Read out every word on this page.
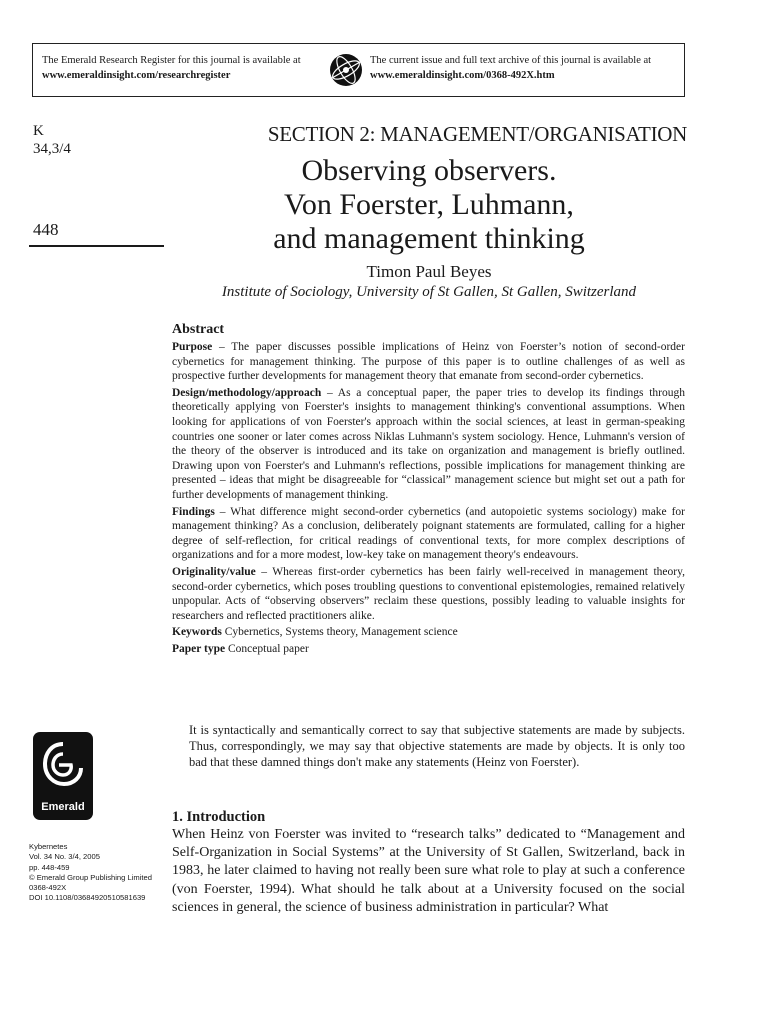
The Emerald Research Register for this journal is available at
www.emeraldinsight.com/researchregister
The current issue and full text archive of this journal is available at
www.emeraldinsight.com/0368-492X.htm
K
34,3/4
448
SECTION 2: MANAGEMENT/ORGANISATION
Observing observers.
Von Foerster, Luhmann,
and management thinking
Timon Paul Beyes
Institute of Sociology, University of St Gallen, St Gallen, Switzerland
Abstract

Purpose – The paper discusses possible implications of Heinz von Foerster’s notion of second-order cybernetics for management thinking. The purpose of this paper is to outline challenges of as well as prospective further developments for management theory that emanate from second-order cybernetics.

Design/methodology/approach – As a conceptual paper, the paper tries to develop its findings through theoretically applying von Foerster's insights to management thinking's conventional assumptions. When looking for applications of von Foerster's approach within the social sciences, at least in german-speaking countries one sooner or later comes across Niklas Luhmann's system sociology. Hence, Luhmann's version of the theory of the observer is introduced and its take on organization and management is briefly outlined. Drawing upon von Foerster's and Luhmann's reflections, possible implications for management thinking are presented – ideas that might be disagreeable for “classical” management science but might set out a path for further developments of management thinking.

Findings – What difference might second-order cybernetics (and autopoietic systems sociology) make for management thinking? As a conclusion, deliberately poignant statements are formulated, calling for a higher degree of self-reflection, for critical readings of conventional texts, for more complex descriptions of organizations and for a more modest, low-key take on management theory's endeavours.

Originality/value – Whereas first-order cybernetics has been fairly well-received in management theory, second-order cybernetics, which poses troubling questions to conventional epistemologies, remained relatively unpopular. Acts of “observing observers” reclaim these questions, possibly leading to valuable insights for researchers and reflected practitioners alike.

Keywords Cybernetics, Systems theory, Management science

Paper type Conceptual paper

It is syntactically and semantically correct to say that subjective statements are made by subjects. Thus, correspondingly, we may say that objective statements are made by objects. It is only too bad that these damned things don't make any statements (Heinz von Foerster).
Emerald
1. Introduction
When Heinz von Foerster was invited to “research talks” dedicated to “Management and Self-Organization in Social Systems” at the University of St Gallen, Switzerland, back in 1983, he later claimed to having not really been sure what role to play at such a conference (von Foerster, 1994). What should he talk about at a University focused on the social sciences in general, the science of business administration in particular? What
Kybernetes
Vol. 34 No. 3/4, 2005
pp. 448-459
© Emerald Group Publishing Limited
0368-492X
DOI 10.1108/03684920510581639
